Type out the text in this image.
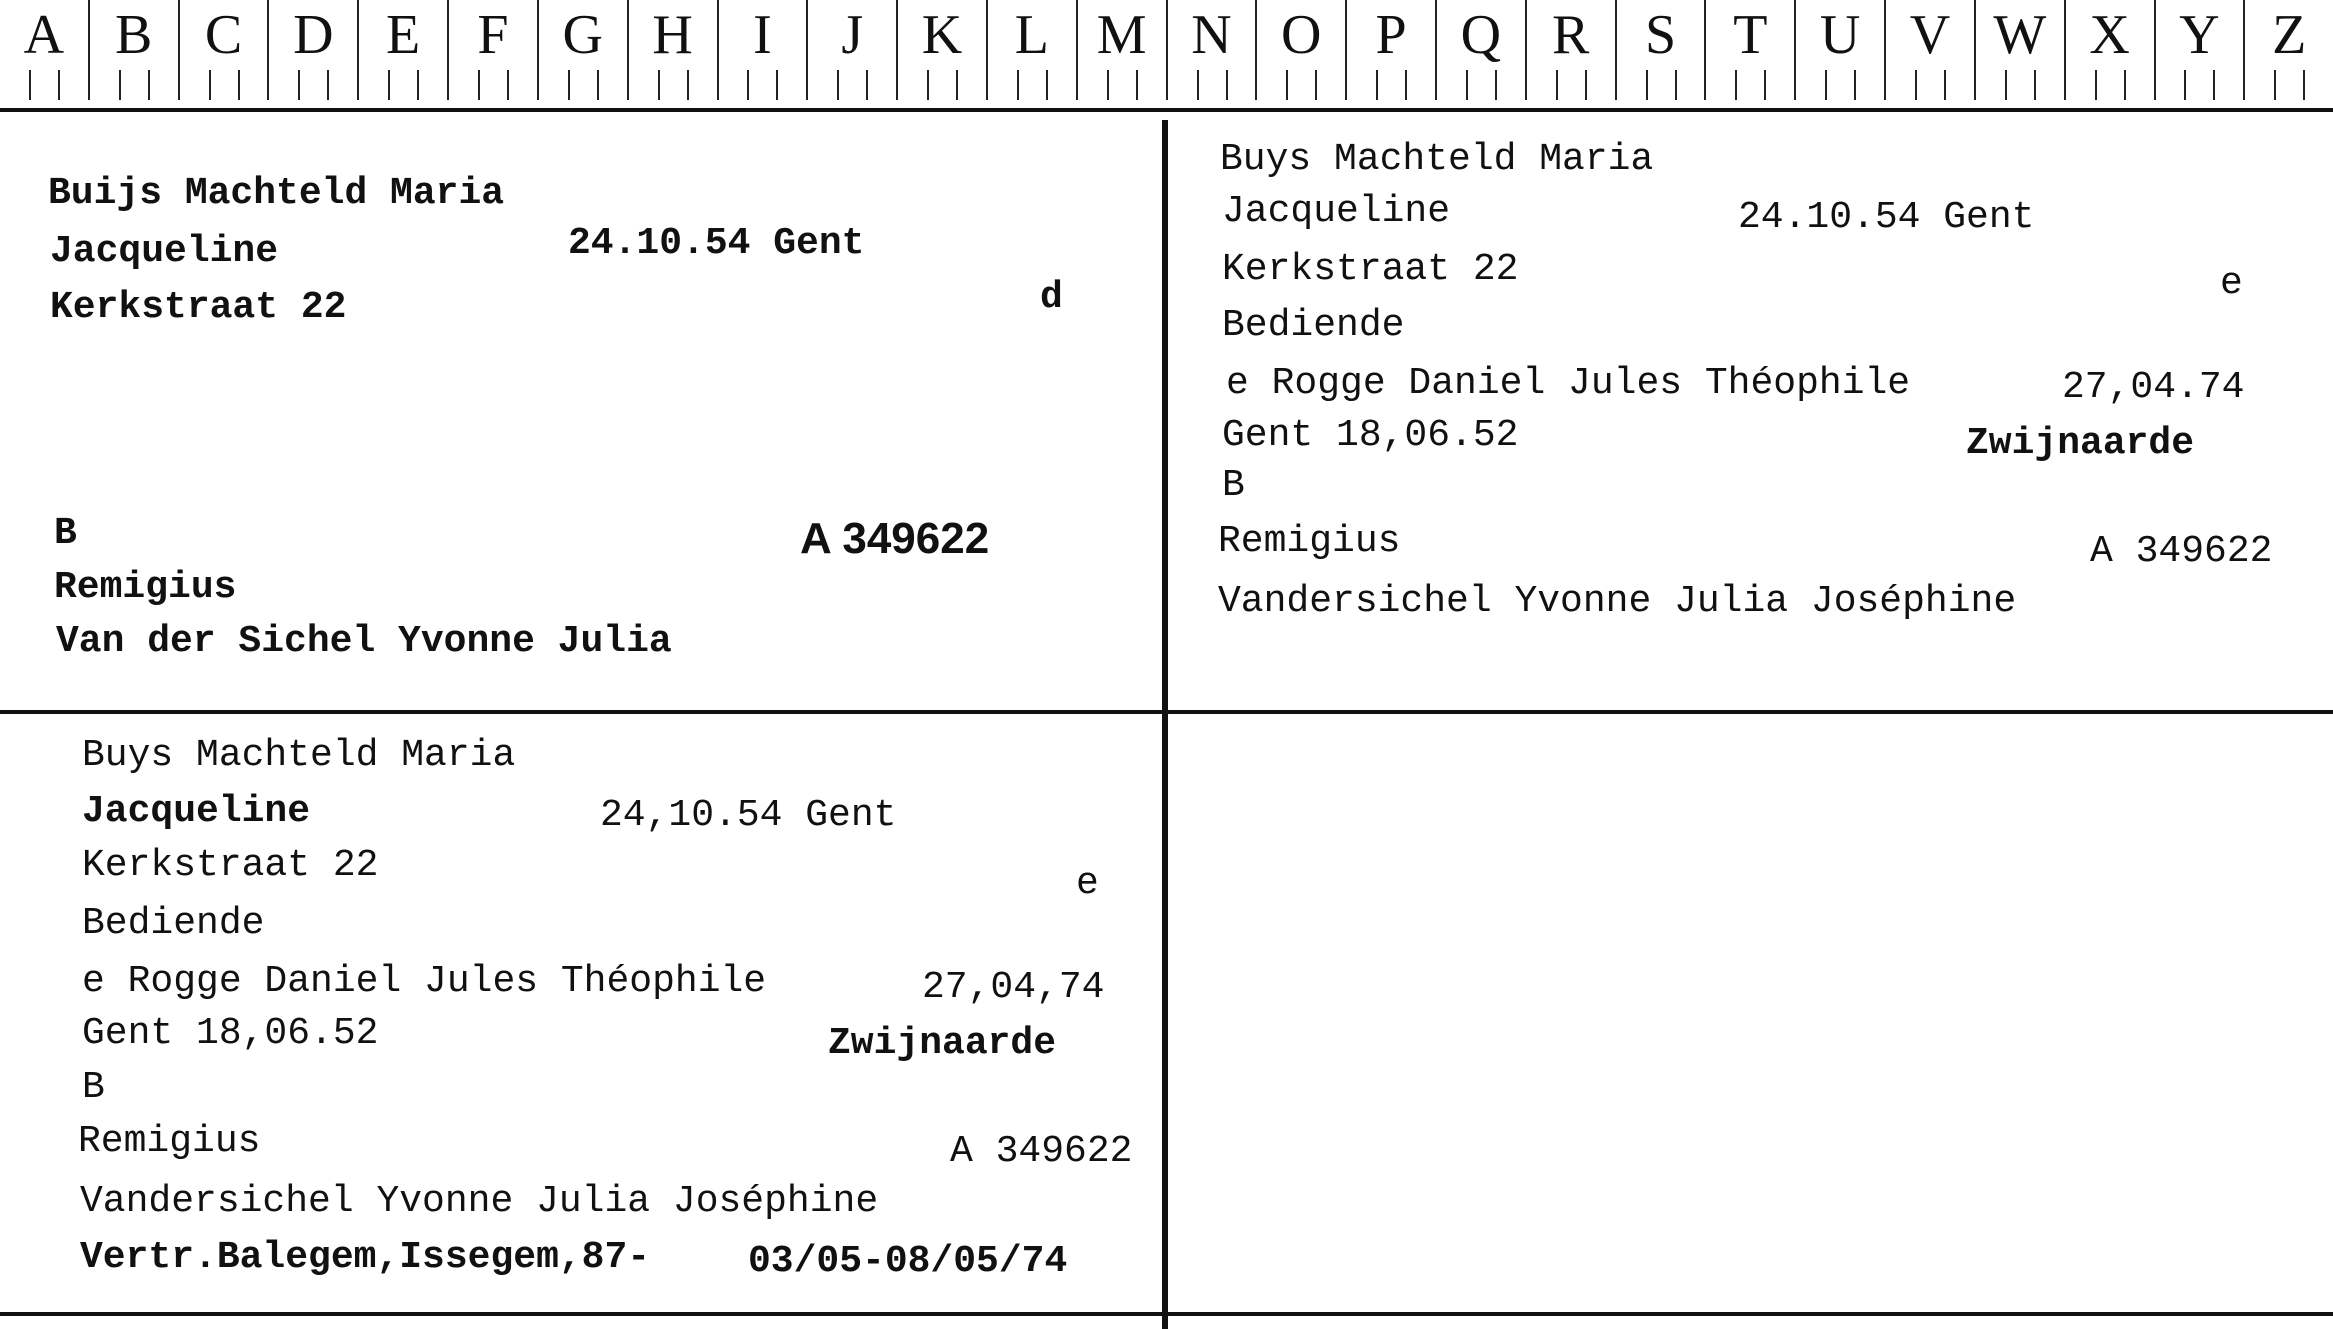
A B C D E	F G H	I	J	K L M N O P Q R S	T U V W X Y Z
Buijs Machteld Maria
Jacqueline	24.10.54 Gent
Kerkstraat 22	d
B	A 349622
Remigius
Van der Sichel Yvonne Julia
Buys Machteld Maria
Jacqueline	24.10.54 Gent
Kerkstraat 22	e
Bediende
e Rogge Daniel Jules Théophile	27,04.74
Gent 18,06.52	Zwijnaarde
B
Remigius	A 349622
Vandersichel Yvonne Julia Joséphine
Buys Machteld Maria
Jacqueline	24,10.54 Gent
Kerkstraat 22	e
Bediende
e Rogge Daniel Jules Théophile	27,04,74
Gent 18,06.52	Zwijnaarde
B
Remigius	A 349622
Vandersichel Yvonne Julia Joséphine
Vertr.Balegem,Issegem,87-	03/05-08/05/74
